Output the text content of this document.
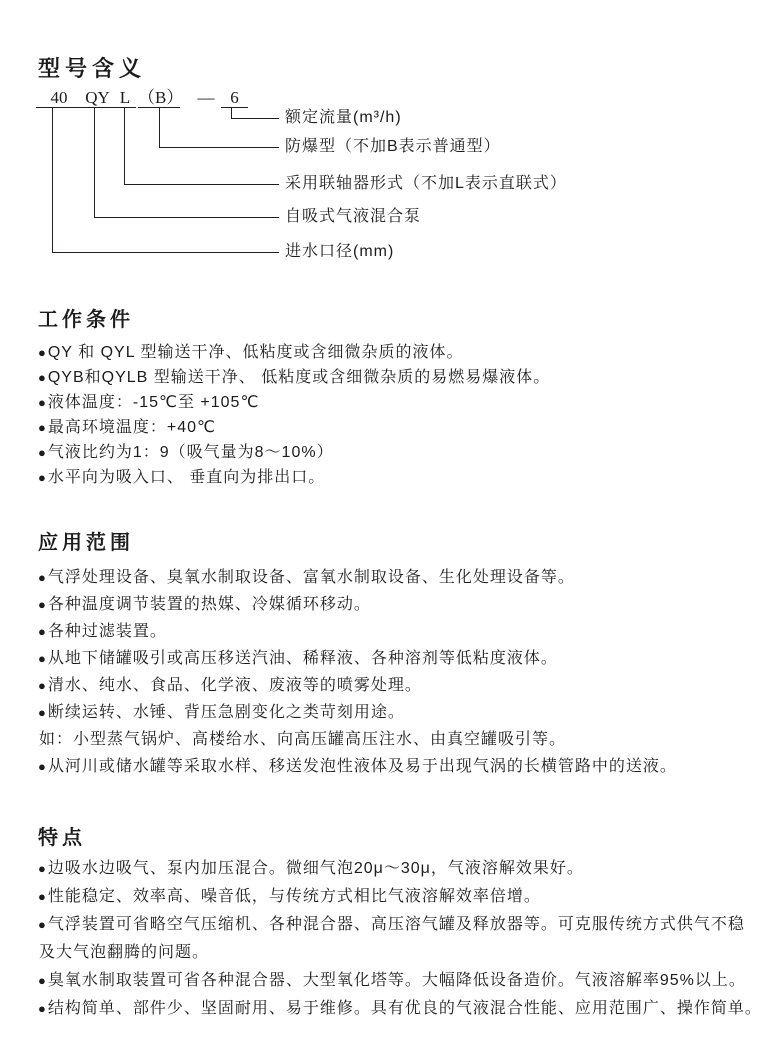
型号含义
40	QY L （B） — 6
额定流量(m³/h)
防爆型（不加B表示普通型）
采用联轴器形式（不加L表示直联式）
自吸式气液混合泵
进水口径(mm)
工作条件
●QY 和 QYL 型输送干净、低粘度或含细微杂质的液体。
●QYB和QYLB 型输送干净、 低粘度或含细微杂质的易燃易爆液体。
●液体温度：-15℃至 +105℃
●最高环境温度：+40℃
●气液比约为1：9（吸气量为8～10%）
●水平向为吸入口、 垂直向为排出口。
应用范围
●气浮处理设备、臭氧水制取设备、富氧水制取设备、生化处理设备等。
●各种温度调节装置的热媒、冷媒循环移动。
●各种过滤装置。
●从地下储罐吸引或高压移送汽油、稀释液、各种溶剂等低粘度液体。
●清水、纯水、食品、化学液、废液等的喷雾处理。
●断续运转、水锤、背压急剧变化之类苛刻用途。
如：小型蒸气锅炉、高楼给水、向高压罐高压注水、由真空罐吸引等。
●从河川或储水罐等采取水样、移送发泡性液体及易于出现气涡的长横管路中的送液。
特点
●边吸水边吸气、泵内加压混合。微细气泡20μ～30μ，气液溶解效果好。
●性能稳定、效率高、噪音低，与传统方式相比气液溶解效率倍增。
●气浮装置可省略空气压缩机、各种混合器、高压溶气罐及释放器等。可克服传统方式供气不稳
及大气泡翻腾的问题。
●臭氧水制取装置可省各种混合器、大型氧化塔等。大幅降低设备造价。气液溶解率95%以上。
●结构简单、部件少、坚固耐用、易于维修。具有优良的气液混合性能、应用范围广、操作简单。
